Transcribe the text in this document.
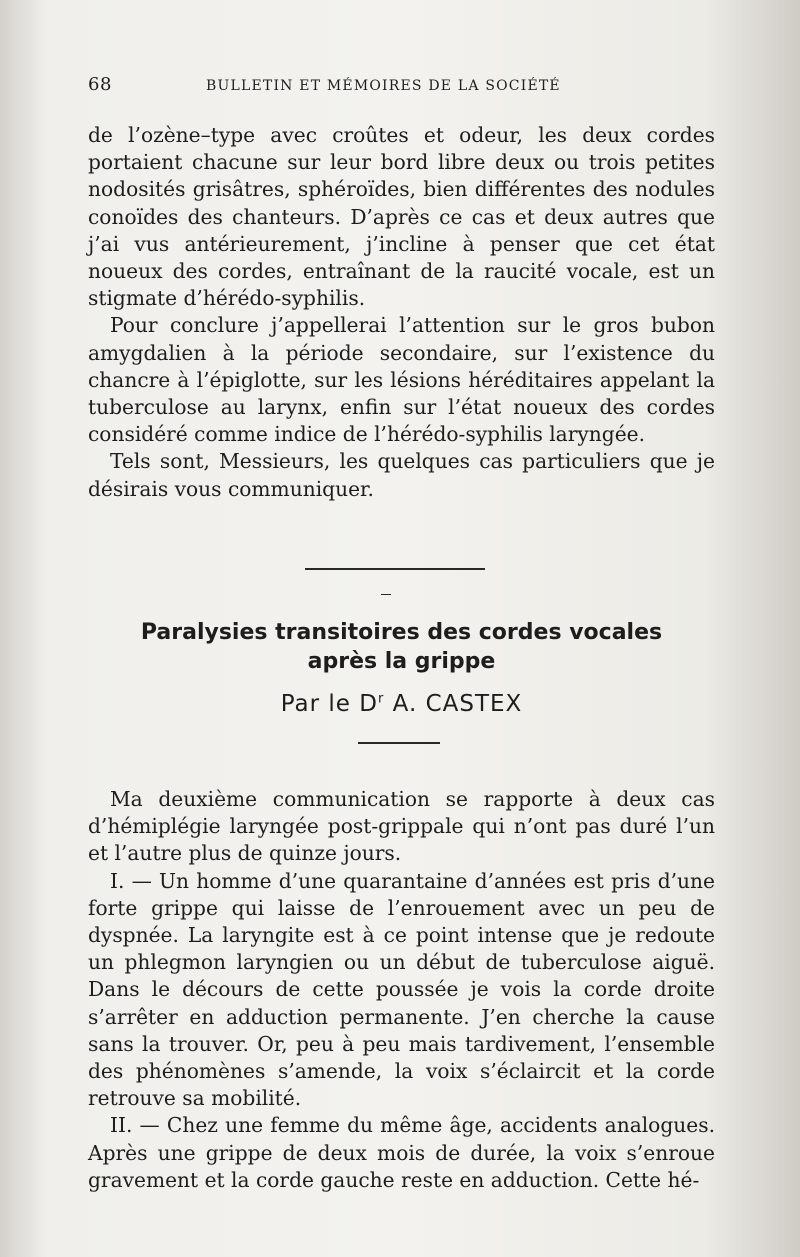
68	BULLETIN ET MÉMOIRES DE LA SOCIÉTÉ

de l’ozène–type avec croûtes et odeur, les deux cordes portaient chacune sur leur bord libre deux ou trois petites nodosités grisâtres, sphéroïdes, bien différentes des nodules conoïdes des chanteurs. D’après ce cas et deux autres que j’ai vus antérieurement, j’incline à penser que cet état noueux des cordes, entraînant de la raucité vocale, est un stigmate d’hérédo-syphilis.

Pour conclure j’appellerai l’attention sur le gros bubon amygdalien à la période secondaire, sur l’existence du chancre à l’épiglotte, sur les lésions héréditaires appelant la tuberculose au larynx, enfin sur l’état noueux des cordes considéré comme indice de l’hérédo-syphilis laryngée.

Tels sont, Messieurs, les quelques cas particuliers que je désirais vous communiquer.

Paralysies transitoires des cordes vocales
après la grippe
Par le $D^r$ A. CASTEX

Ma deuxième communication se rapporte à deux cas d’hémiplégie laryngée post-grippale qui n’ont pas duré l’un et l’autre plus de quinze jours.

I. — Un homme d’une quarantaine d’années est pris d’une forte grippe qui laisse de l’enrouement avec un peu de dyspnée. La laryngite est à ce point intense que je redoute un phlegmon laryngien ou un début de tuberculose aiguë. Dans le décours de cette poussée je vois la corde droite s’arrêter en adduction permanente. J’en cherche la cause sans la trouver. Or, peu à peu mais tardivement, l’ensemble des phénomènes s’amende, la voix s’éclaircit et la corde retrouve sa mobilité.

II. — Chez une femme du même âge, accidents analogues. Après une grippe de deux mois de durée, la voix s’enroue gravement et la corde gauche reste en adduction. Cette hé-
